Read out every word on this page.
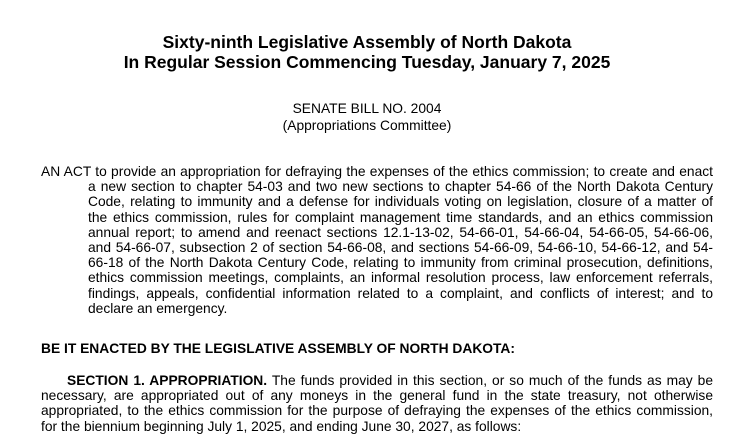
Sixty-ninth Legislative Assembly of North Dakota
In Regular Session Commencing Tuesday, January 7, 2025
SENATE BILL NO. 2004
(Appropriations Committee)
AN ACT to provide an appropriation for defraying the expenses of the ethics commission; to create and enact a new section to chapter 54-03 and two new sections to chapter 54-66 of the North Dakota Century Code, relating to immunity and a defense for individuals voting on legislation, closure of a matter of the ethics commission, rules for complaint management time standards, and an ethics commission annual report; to amend and reenact sections 12.1-13-02, 54-66-01, 54-66-04, 54-66-05, 54-66-06, and 54-66-07, subsection 2 of section 54-66-08, and sections 54-66-09, 54-66-10, 54-66-12, and 54-66-18 of the North Dakota Century Code, relating to immunity from criminal prosecution, definitions, ethics commission meetings, complaints, an informal resolution process, law enforcement referrals, findings, appeals, confidential information related to a complaint, and conflicts of interest; and to declare an emergency.
BE IT ENACTED BY THE LEGISLATIVE ASSEMBLY OF NORTH DAKOTA:
SECTION 1. APPROPRIATION. The funds provided in this section, or so much of the funds as may be necessary, are appropriated out of any moneys in the general fund in the state treasury, not otherwise appropriated, to the ethics commission for the purpose of defraying the expenses of the ethics commission, for the biennium beginning July 1, 2025, and ending June 30, 2027, as follows:
